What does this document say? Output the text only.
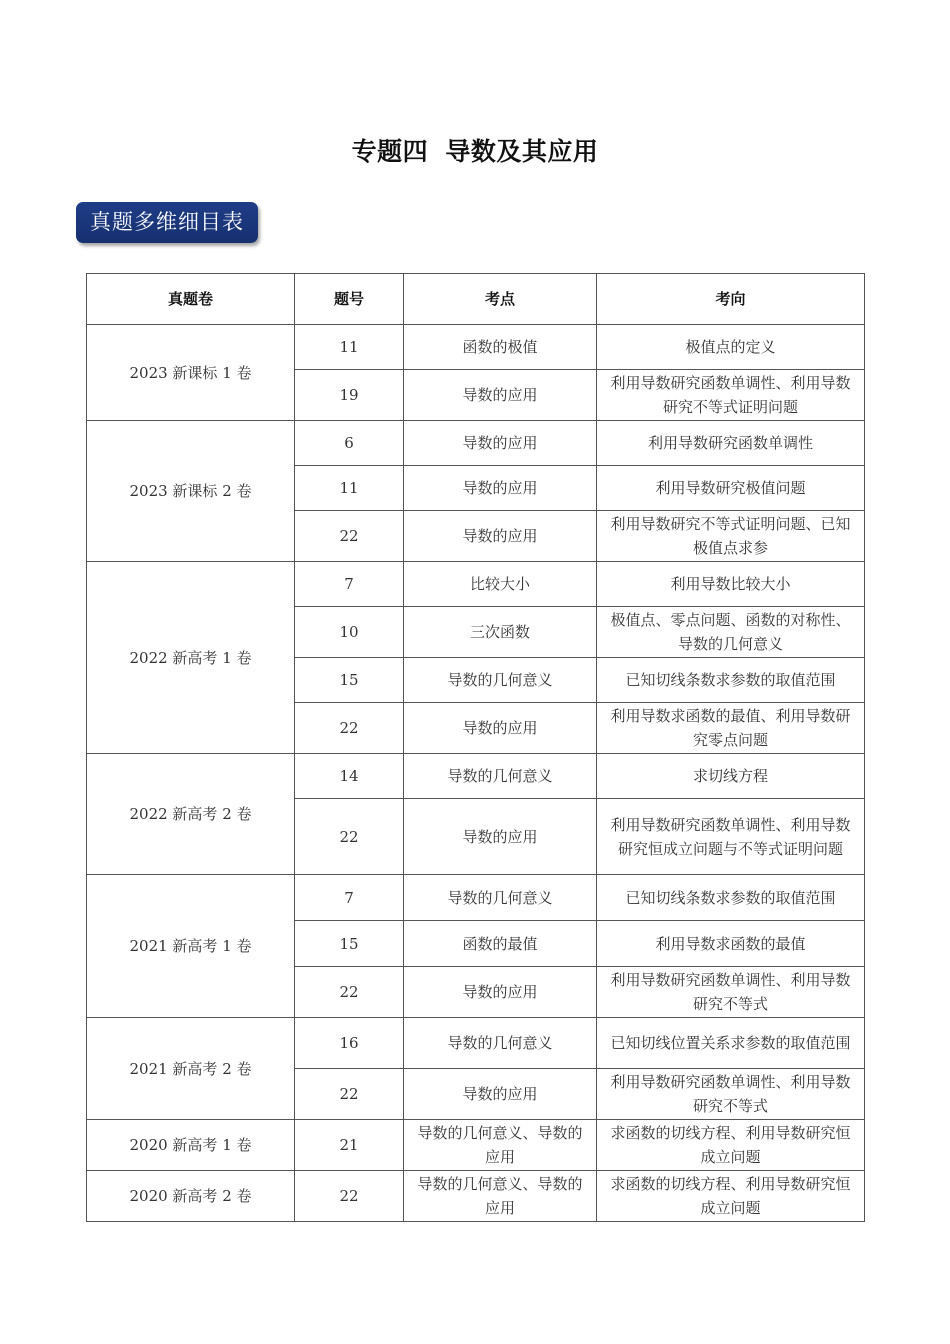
专题四 导数及其应用
真题多维细目表
真题卷	题号	考点	考向
2023 新课标 1 卷	11	函数的极值	极值点的定义
	19	导数的应用	利用导数研究函数单调性、利用导数研究不等式证明问题
2023 新课标 2 卷	6	导数的应用	利用导数研究函数单调性
	11	导数的应用	利用导数研究极值问题
	22	导数的应用	利用导数研究不等式证明问题、已知极值点求参
2022 新高考 1 卷	7	比较大小	利用导数比较大小
	10	三次函数	极值点、零点问题、函数的对称性、导数的几何意义
	15	导数的几何意义	已知切线条数求参数的取值范围
	22	导数的应用	利用导数求函数的最值、利用导数研究零点问题
2022 新高考 2 卷	14	导数的几何意义	求切线方程
	22	导数的应用	利用导数研究函数单调性、利用导数研究恒成立问题与不等式证明问题
2021 新高考 1 卷	7	导数的几何意义	已知切线条数求参数的取值范围
	15	函数的最值	利用导数求函数的最值
	22	导数的应用	利用导数研究函数单调性、利用导数研究不等式
2021 新高考 2 卷	16	导数的几何意义	已知切线位置关系求参数的取值范围
	22	导数的应用	利用导数研究函数单调性、利用导数研究不等式
2020 新高考 1 卷	21	导数的几何意义、导数的应用	求函数的切线方程、利用导数研究恒成立问题
2020 新高考 2 卷	22	导数的几何意义、导数的应用	求函数的切线方程、利用导数研究恒成立问题
